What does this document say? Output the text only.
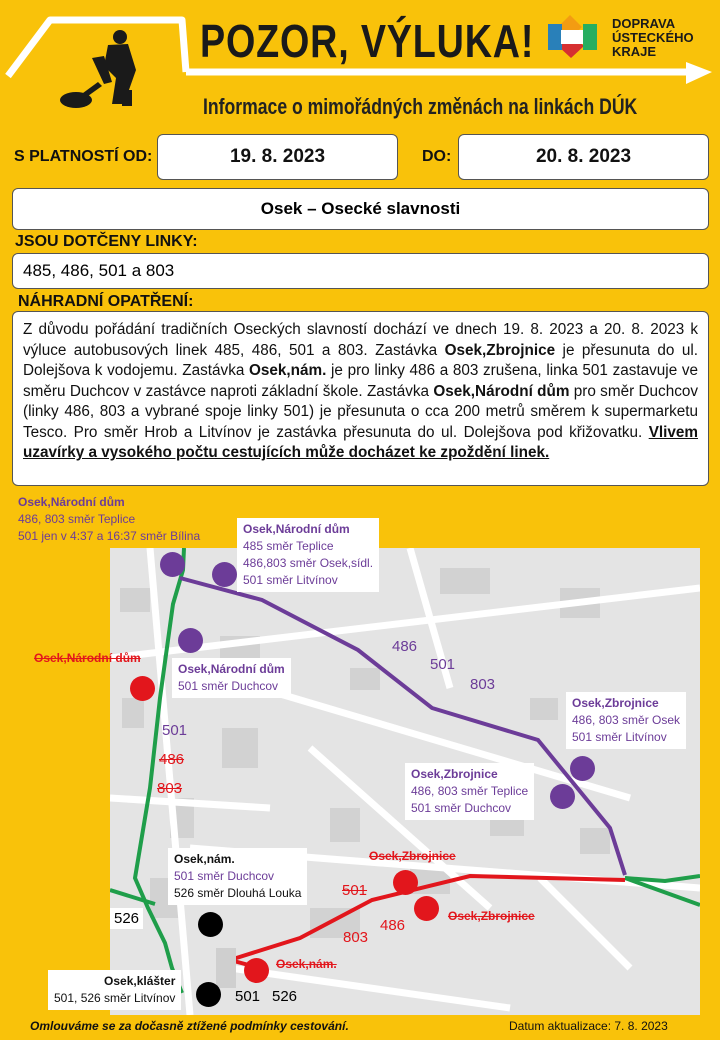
POZOR, VÝLUKA!
Informace o mimořádných změnách na linkách DÚK
DOPRAVA
ÚSTECKÉHO
KRAJE
S PLATNOSTÍ OD:	19. 8. 2023	DO:	20. 8. 2023
Osek – Osecké slavnosti
JSOU DOTČENY LINKY:
485, 486, 501 a 803
NÁHRADNÍ OPATŘENÍ:
Z důvodu pořádání tradičních Oseckých slavností dochází ve dnech 19. 8. 2023 a 20. 8. 2023 k výluce autobusových linek 485, 486, 501 a 803. Zastávka Osek,Zbrojnice je přesunuta do ul. Dolejšova k vodojemu. Zastávka Osek,nám. je pro linky 486 a 803 zrušena, linka 501 zastavuje ve směru Duchcov v zastávce naproti základní škole. Zastávka Osek,Národní dům pro směr Duchcov (linky 486, 803 a vybrané spoje linky 501) je přesunuta o cca 200 metrů směrem k supermarketu Tesco. Pro směr Hrob a Litvínov je zastávka přesunuta do ul. Dolejšova pod křižovatku. Vlivem uzavírky a vysokého počtu cestujících může docházet ke zpoždění linek.
501
486
803
486
501
803
501
803
486
526
501 526
Osek,Národní dům
486, 803 směr Teplice
501 jen v 4:37 a 16:37 směr Bílina	Osek,Národní dům
485 směr Teplice
486,803 směr Osek,sídl.
501 směr Litvínov
Osek,Národní dům
Osek,Národní dům
501 směr Duchcov
Osek,Zbrojnice
486, 803 směr Osek
501 směr Litvínov
Osek,Zbrojnice
486, 803 směr Teplice
501 směr Duchcov
Osek,Zbrojnice
Osek,Zbrojnice
Osek,nám.
501 směr Duchcov
526 směr Dlouhá Louka
Osek,nám.
Osek,klášter
501, 526 směr Litvínov
Omlouváme se za dočasně ztížené podmínky cestování.	Datum aktualizace: 7. 8. 2023
